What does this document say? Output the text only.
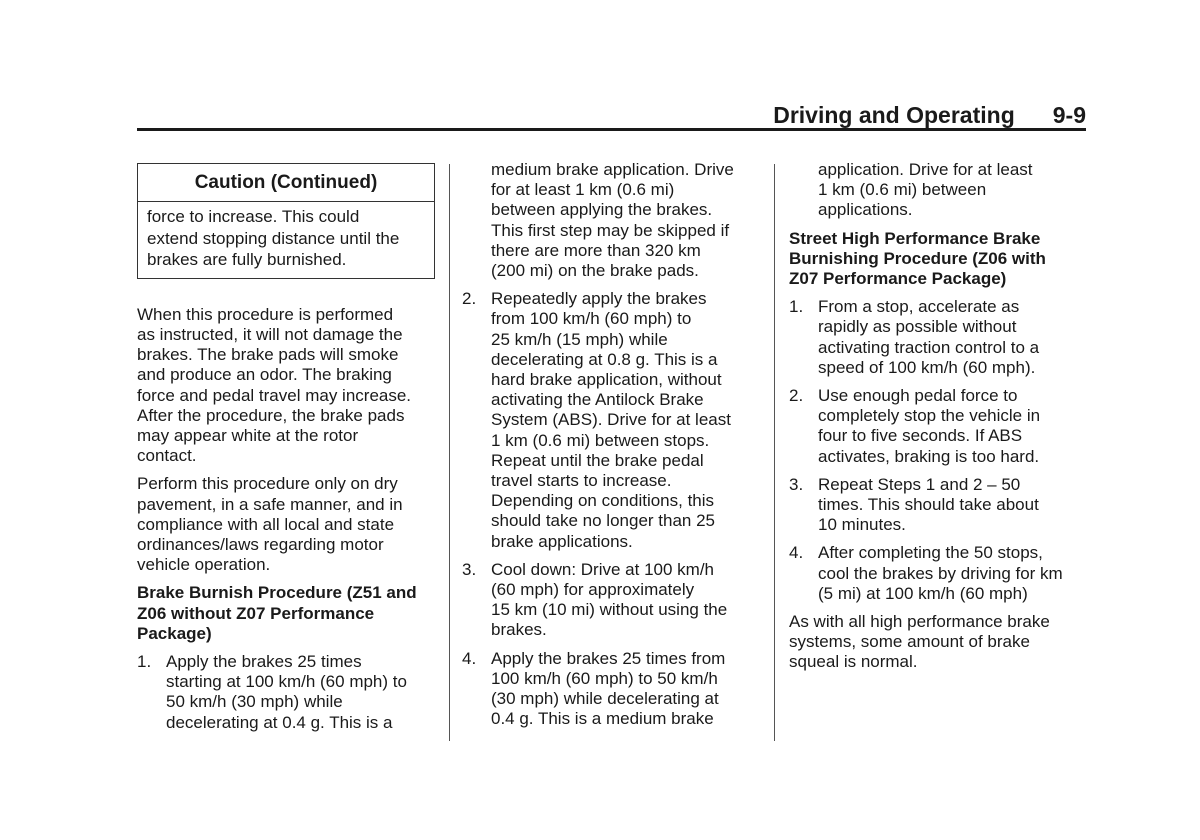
Driving and Operating 9-9
Caution (Continued)
force to increase. This could
extend stopping distance until the
brakes are fully burnished.

When this procedure is performed
as instructed, it will not damage the
brakes. The brake pads will smoke
and produce an odor. The braking
force and pedal travel may increase.
After the procedure, the brake pads
may appear white at the rotor
contact.

Perform this procedure only on dry
pavement, in a safe manner, and in
compliance with all local and state
ordinances/laws regarding motor
vehicle operation.

Brake Burnish Procedure (Z51 and
Z06 without Z07 Performance
Package)
1. Apply the brakes 25 times
starting at 100 km/h (60 mph) to
50 km/h (30 mph) while
decelerating at 0.4 g. This is a
medium brake application. Drive
for at least 1 km (0.6 mi)
between applying the brakes.
This first step may be skipped if
there are more than 320 km
(200 mi) on the brake pads.
2. Repeatedly apply the brakes
from 100 km/h (60 mph) to
25 km/h (15 mph) while
decelerating at 0.8 g. This is a
hard brake application, without
activating the Antilock Brake
System (ABS). Drive for at least
1 km (0.6 mi) between stops.
Repeat until the brake pedal
travel starts to increase.
Depending on conditions, this
should take no longer than 25
brake applications.
3. Cool down: Drive at 100 km/h
(60 mph) for approximately
15 km (10 mi) without using the
brakes.
4. Apply the brakes 25 times from
100 km/h (60 mph) to 50 km/h
(30 mph) while decelerating at
0.4 g. This is a medium brake
application. Drive for at least
1 km (0.6 mi) between
applications.
Street High Performance Brake
Burnishing Procedure (Z06 with
Z07 Performance Package)
1. From a stop, accelerate as
rapidly as possible without
activating traction control to a
speed of 100 km/h (60 mph).
2. Use enough pedal force to
completely stop the vehicle in
four to five seconds. If ABS
activates, braking is too hard.
3. Repeat Steps 1 and 2 – 50
times. This should take about
10 minutes.
4. After completing the 50 stops,
cool the brakes by driving for km
(5 mi) at 100 km/h (60 mph)

As with all high performance brake
systems, some amount of brake
squeal is normal.
